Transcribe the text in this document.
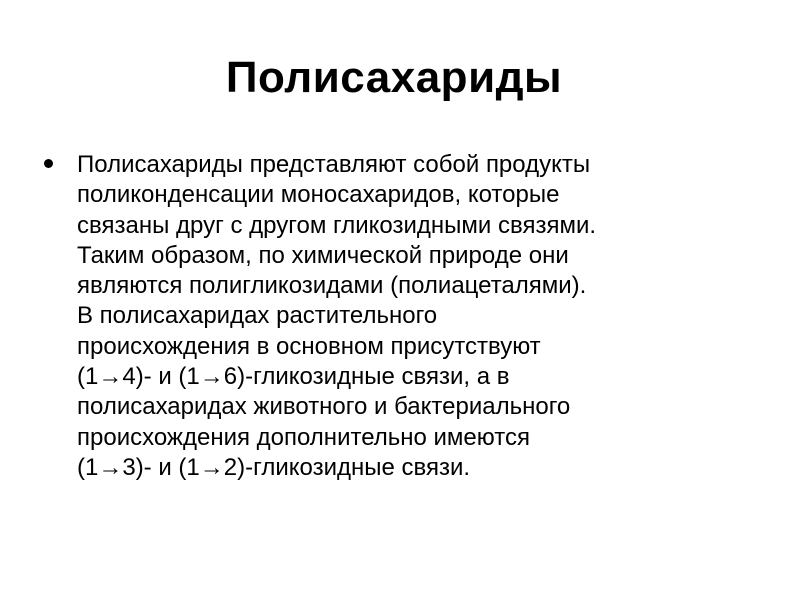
Полисахариды
Полисахариды представляют собой продукты
поликонденсации моносахаридов, которые
связаны друг с другом гликозидными связями.
Таким образом, по химической природе они
являются полигликозидами (полиацеталями).
В полисахаридах растительного
происхождения в основном присутствуют
(1→4)- и (1→6)-гликозидные связи, а в
полисахаридах животного и бактериального
происхождения дополнительно имеются
(1→3)- и (1→2)-гликозидные связи.
